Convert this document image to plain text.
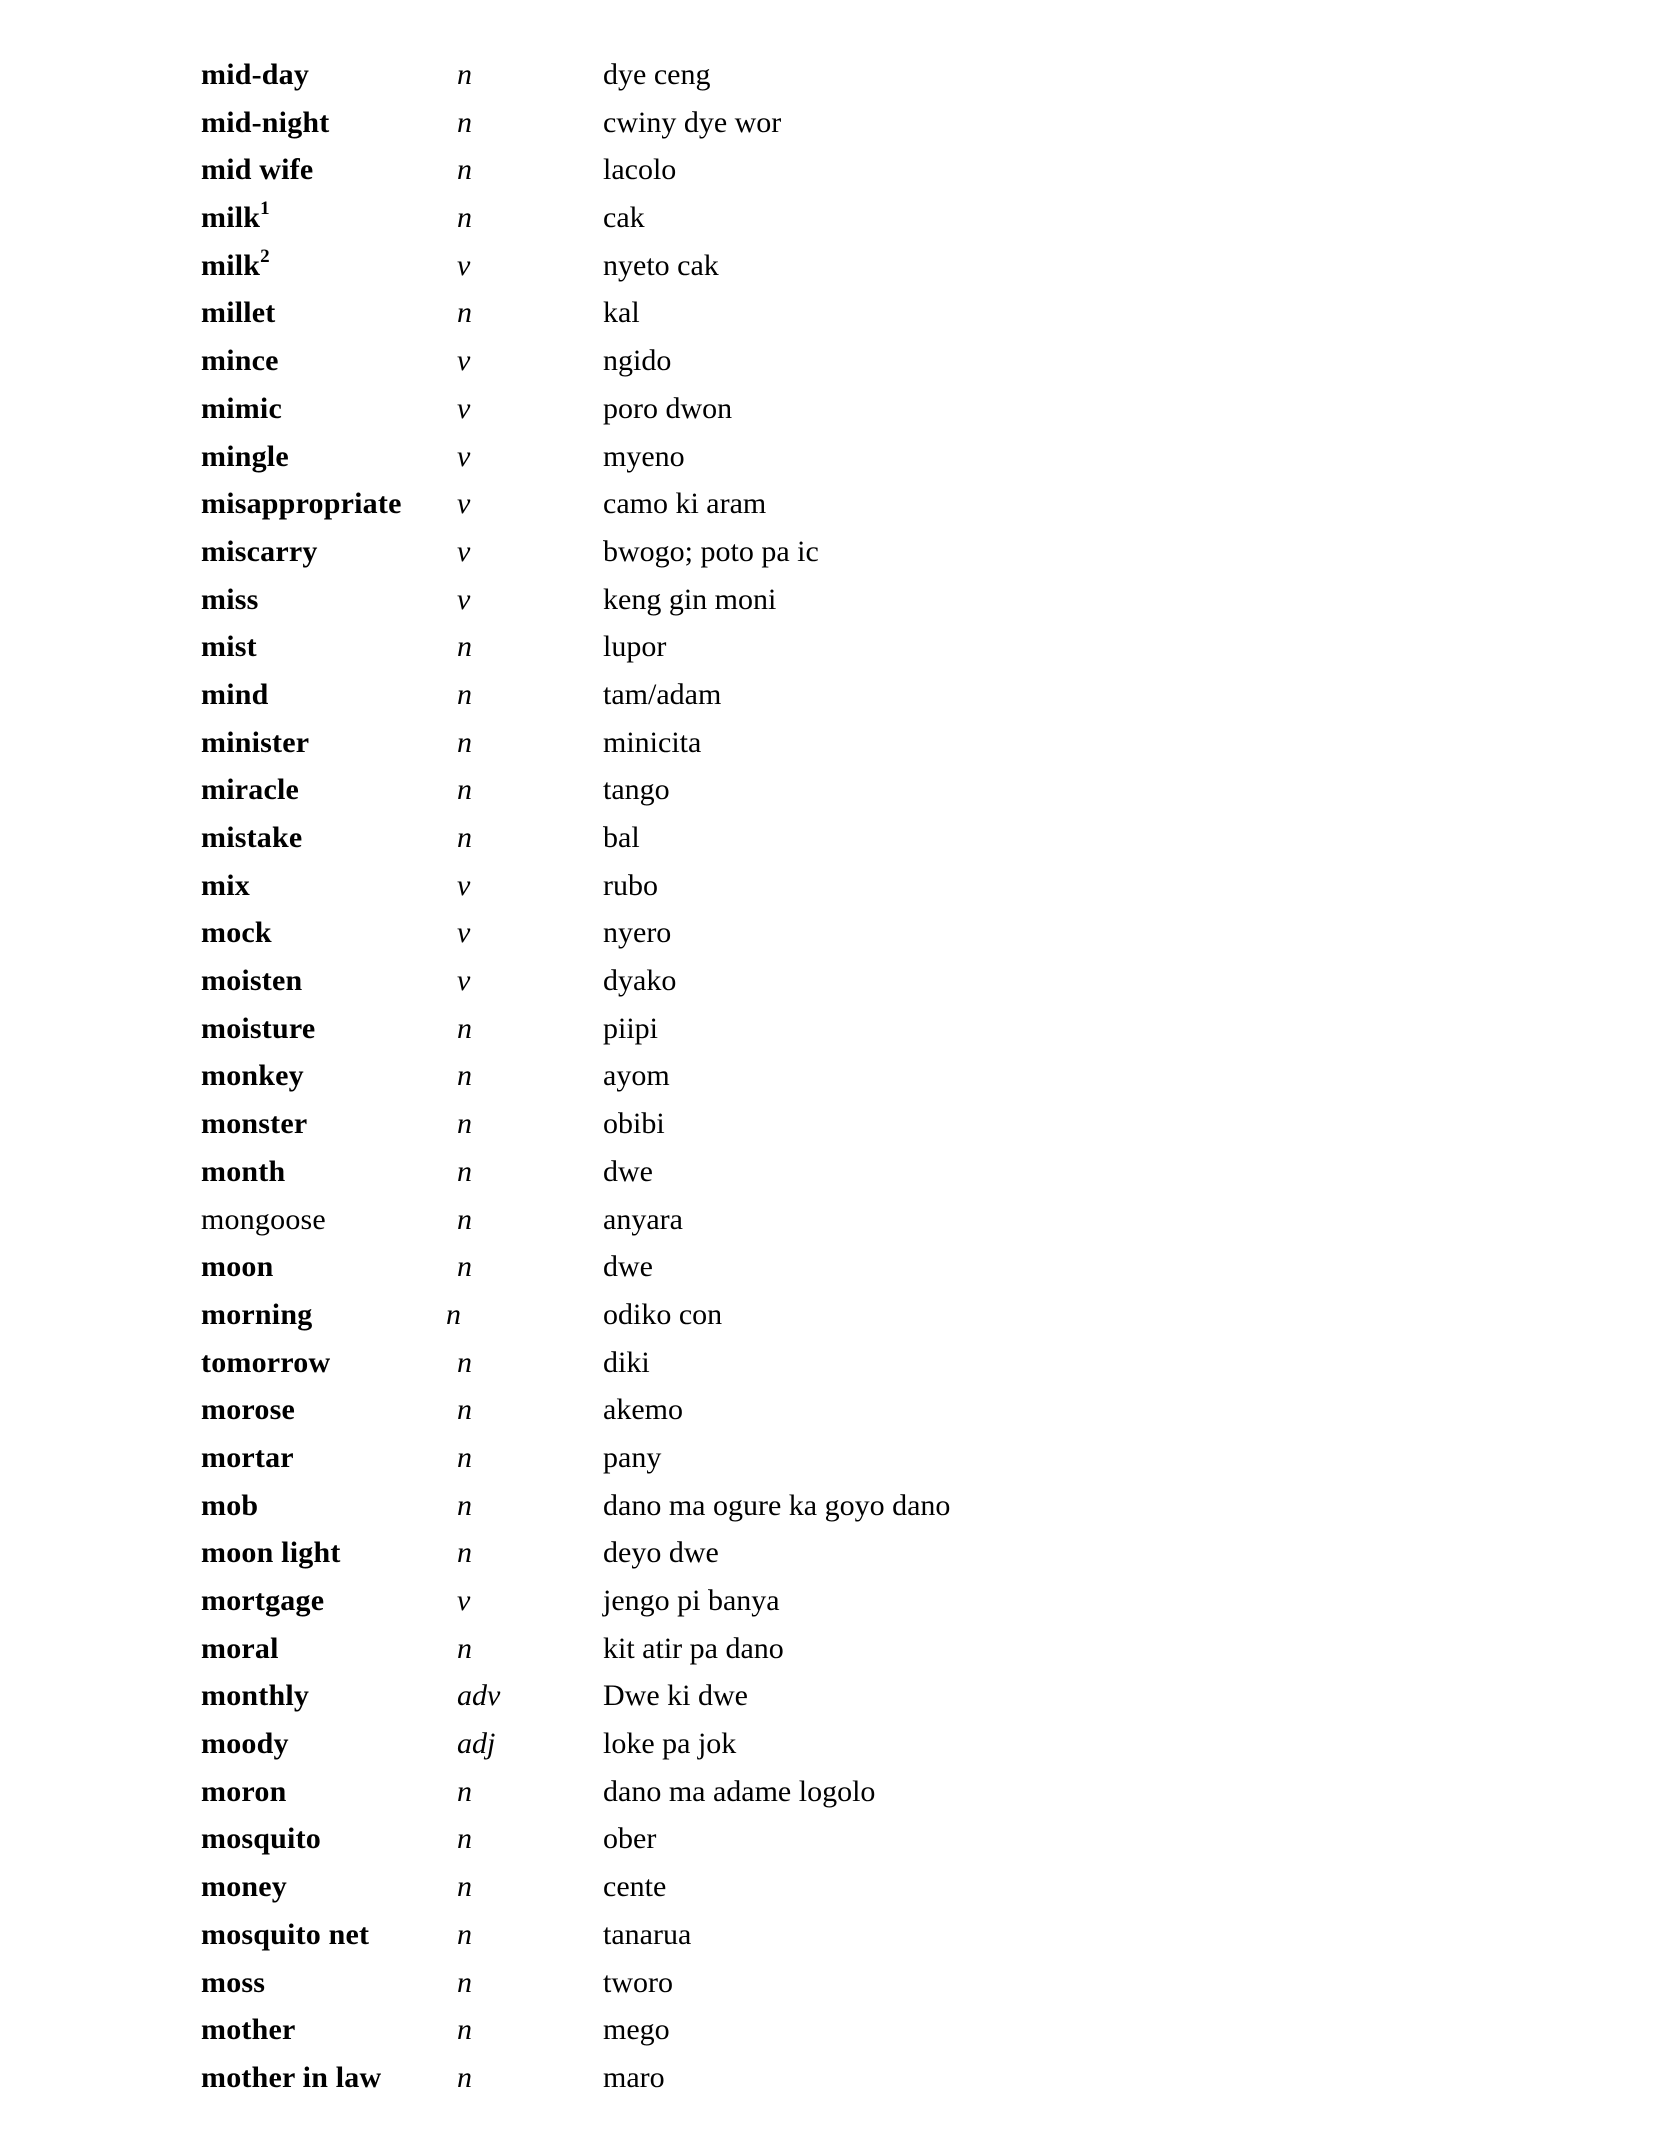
mid-day	n	dye ceng
mid-night	n	cwiny dye wor
mid wife	n	lacolo
milk$^1$	n	cak
milk$^2$	v	nyeto cak
millet	n	kal
mince	v	ngido
mimic	v	poro dwon
mingle	v	myeno
misappropriate v	camo ki aram
miscarry	v	bwogo; poto pa ic
miss	v	keng gin moni
mist	n	lupor
mind	n	tam/adam
minister	n	minicita
miracle	n	tango
mistake	n	bal
mix	v	rubo
mock	v	nyero
moisten	v	dyako
moisture	n	piipi
monkey	n	ayom
monster	n	obibi
month	n	dwe
mongoose	n	anyara
moon	n	dwe
morning	n	odiko con
tomorrow	n	diki
morose	n	akemo
mortar	n	pany
mob	n	dano ma ogure ka goyo dano
moon light	n	deyo dwe
mortgage	v	jengo pi banya
moral	n	kit atir pa dano
monthly	adv	Dwe ki dwe
moody	adj	loke pa jok
moron	n	dano ma adame logolo
mosquito	n	ober
money	n	cente
mosquito net	n	tanarua
moss	n	tworo
mother	n	mego
mother in law	n	maro
